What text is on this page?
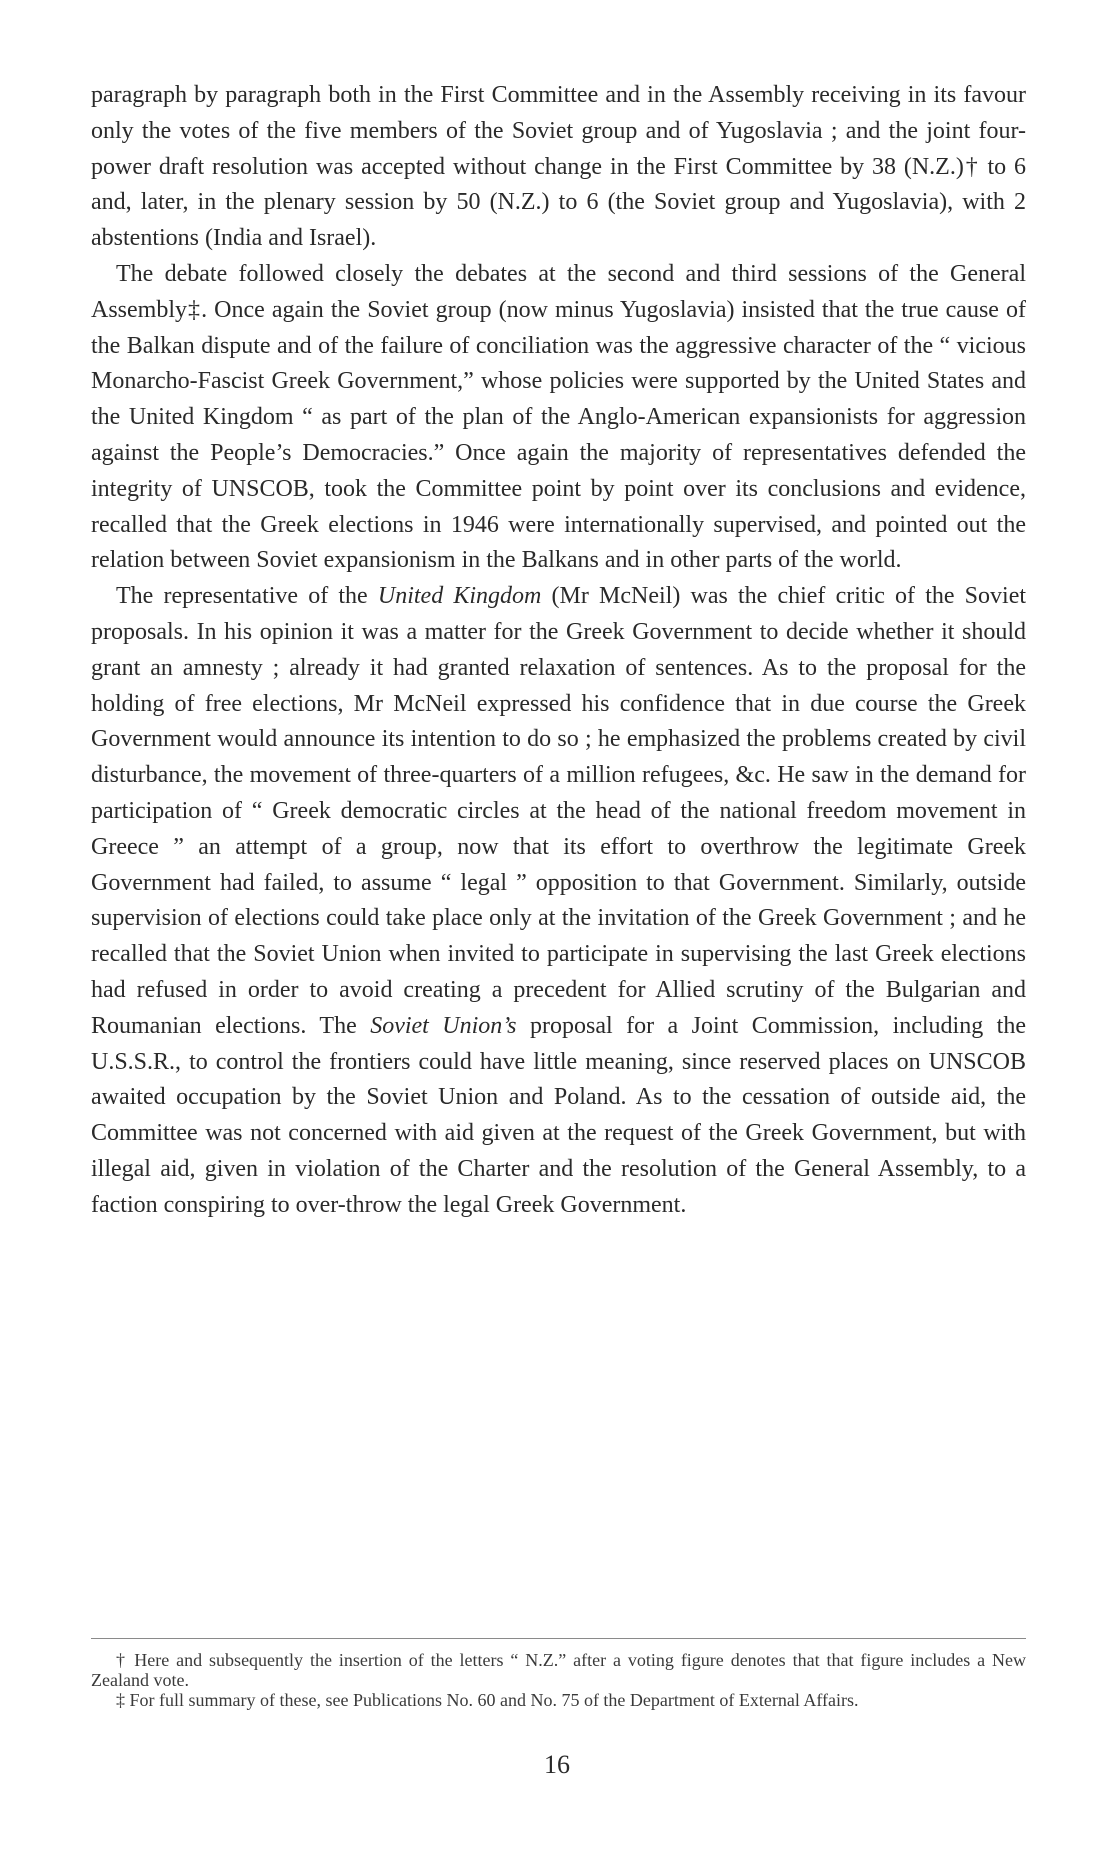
paragraph by paragraph both in the First Committee and in the Assembly receiving in its favour only the votes of the five members of the Soviet group and of Yugoslavia ; and the joint four-power draft resolution was accepted without change in the First Committee by 38 (N.Z.)† to 6 and, later, in the plenary session by 50 (N.Z.) to 6 (the Soviet group and Yugoslavia), with 2 abstentions (India and Israel).

The debate followed closely the debates at the second and third sessions of the General Assembly‡. Once again the Soviet group (now minus Yugoslavia) insisted that the true cause of the Balkan dispute and of the failure of conciliation was the aggressive character of the “ vicious Monarcho-Fascist Greek Government,” whose policies were supported by the United States and the United Kingdom “ as part of the plan of the Anglo-American expansionists for aggression against the People’s Democracies.” Once again the majority of representatives defended the integrity of UNSCOB, took the Committee point by point over its conclusions and evidence, recalled that the Greek elections in 1946 were internationally supervised, and pointed out the relation between Soviet expansionism in the Balkans and in other parts of the world.

The representative of the United Kingdom (Mr McNeil) was the chief critic of the Soviet proposals. In his opinion it was a matter for the Greek Government to decide whether it should grant an amnesty ; already it had granted relaxation of sentences. As to the proposal for the holding of free elections, Mr McNeil expressed his confidence that in due course the Greek Government would announce its intention to do so ; he emphasized the problems created by civil disturbance, the movement of three-quarters of a million refugees, &c. He saw in the demand for participation of “ Greek democratic circles at the head of the national freedom movement in Greece ” an attempt of a group, now that its effort to overthrow the legitimate Greek Government had failed, to assume “ legal ” opposition to that Government. Similarly, outside supervision of elections could take place only at the invitation of the Greek Government ; and he recalled that the Soviet Union when invited to participate in supervising the last Greek elections had refused in order to avoid creating a precedent for Allied scrutiny of the Bulgarian and Roumanian elections. The Soviet Union’s proposal for a Joint Commission, including the U.S.S.R., to control the frontiers could have little meaning, since reserved places on UNSCOB awaited occupation by the Soviet Union and Poland. As to the cessation of outside aid, the Committee was not concerned with aid given at the request of the Greek Government, but with illegal aid, given in violation of the Charter and the resolution of the General Assembly, to a faction conspiring to over-throw the legal Greek Government.

† Here and subsequently the insertion of the letters “ N.Z.” after a voting figure denotes that that figure includes a New Zealand vote.

‡ For full summary of these, see Publications No. 60 and No. 75 of the Department of External Affairs.

16
